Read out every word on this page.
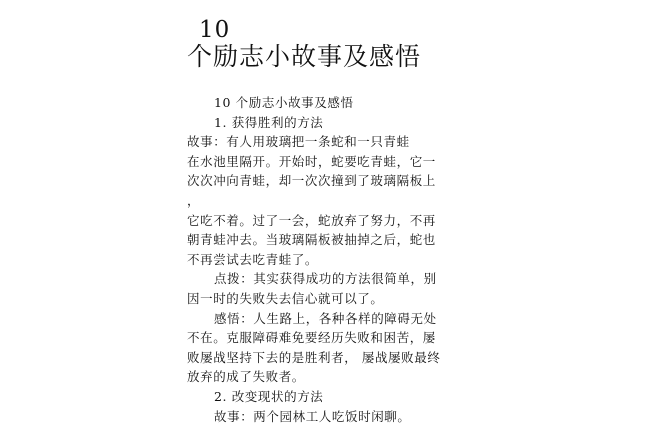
10
个励志小故事及感悟
10 个励志小故事及感悟
1. 获得胜利的方法
故事：有人用玻璃把一条蛇和一只青蛙
在水池里隔开。开始时，蛇要吃青蛙，它一
次次冲向青蛙，却一次次撞到了玻璃隔板上
，
它吃不着。过了一会，蛇放弃了努力，不再
朝青蛙冲去。当玻璃隔板被抽掉之后，蛇也
不再尝试去吃青蛙了。
点拨：其实获得成功的方法很简单，别
因一时的失败失去信心就可以了。
感悟：人生路上，各种各样的障碍无处
不在。克服障碍难免要经历失败和困苦，屡
败屡战坚持下去的是胜利者， 屡战屡败最终
放弃的成了失败者。
2. 改变现状的方法
故事：两个园林工人吃饭时闲聊。
